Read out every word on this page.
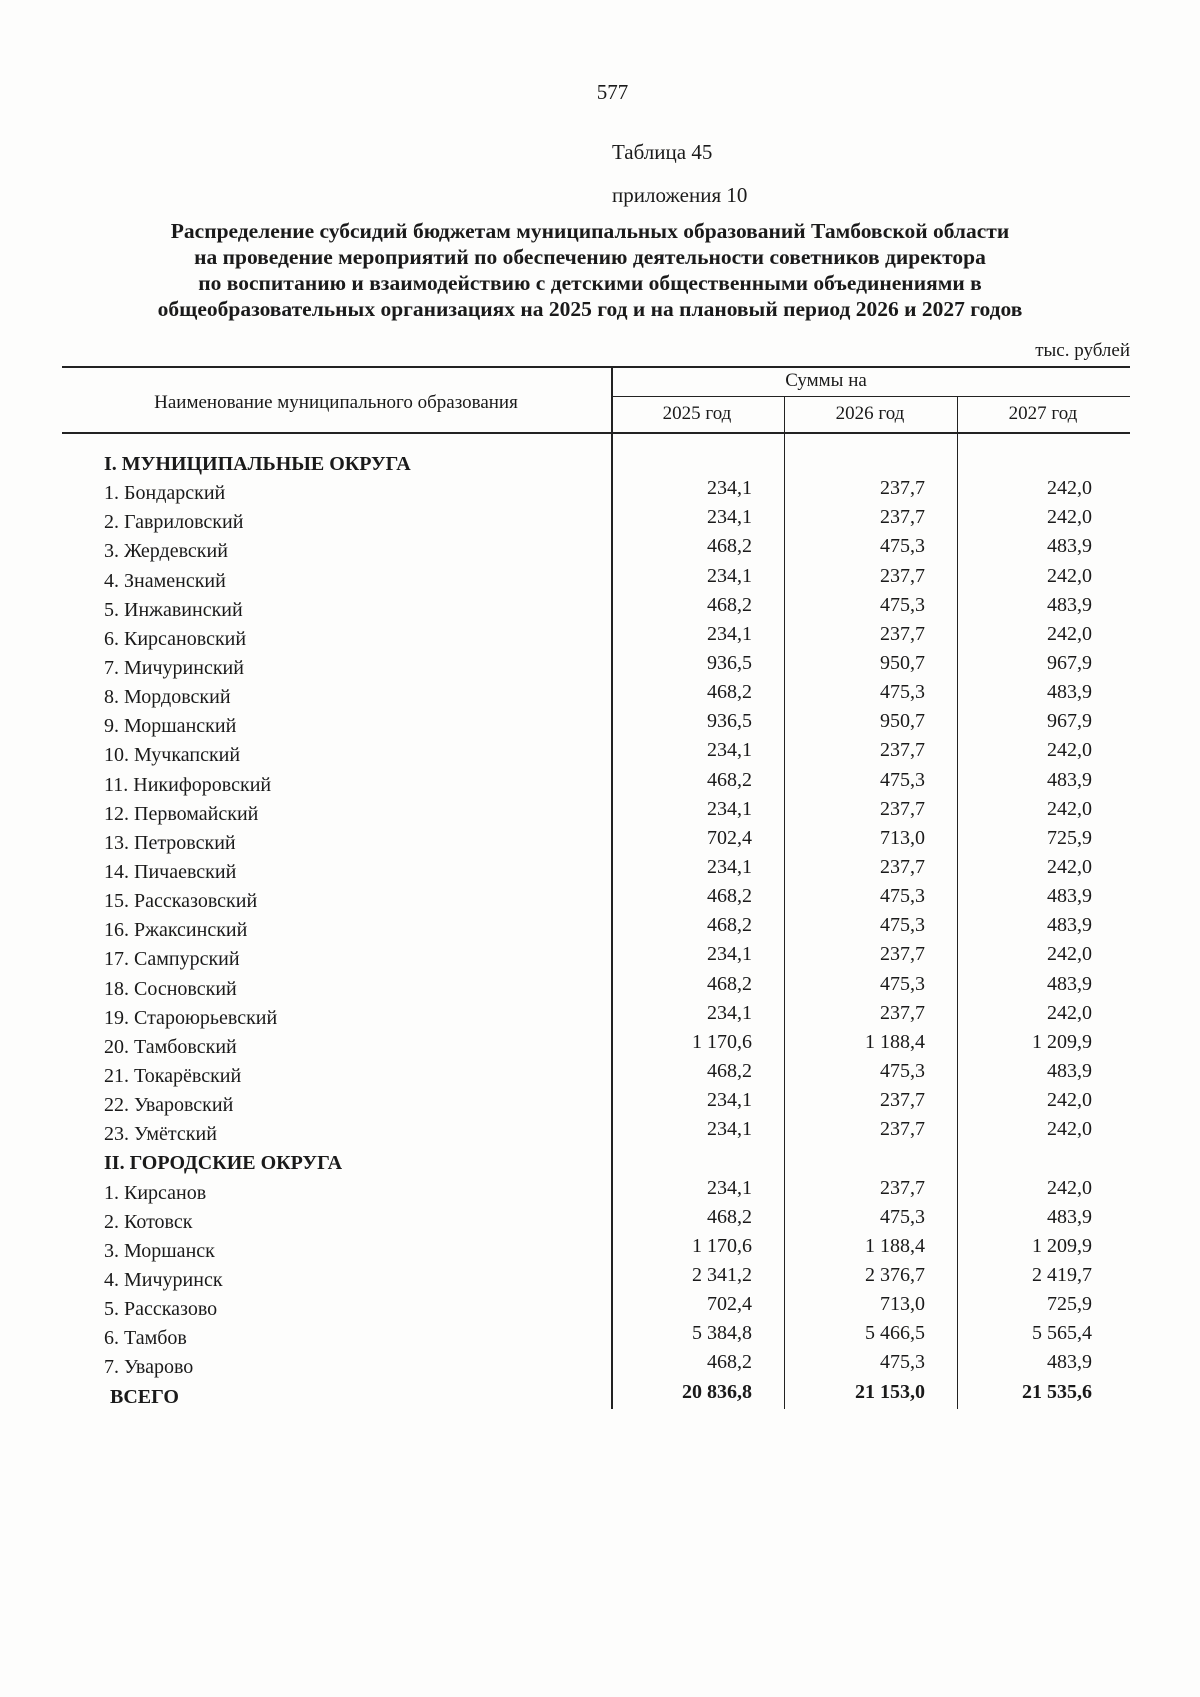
577
Таблица 45
приложения 10
Распределение субсидий бюджетам муниципальных образований Тамбовской области
на проведение мероприятий по обеспечению деятельности советников директора
по воспитанию и взаимодействию с детскими общественными объединениями в
общеобразовательных организациях на 2025 год и на плановый период 2026 и 2027 годов
тыс. рублей
Наименование муниципального образования
Суммы на
2025 год	2026 год	2027 год
I. МУНИЦИПАЛЬНЫЕ ОКРУГА
1. Бондарский	234,1	237,7	242,0
2. Гавриловский	234,1	237,7	242,0
3. Жердевский	468,2	475,3	483,9
4. Знаменский	234,1	237,7	242,0
5. Инжавинский	468,2	475,3	483,9
6. Кирсановский	234,1	237,7	242,0
7. Мичуринский	936,5	950,7	967,9
8. Мордовский	468,2	475,3	483,9
9. Моршанский	936,5	950,7	967,9
10. Мучкапский	234,1	237,7	242,0
11. Никифоровский	468,2	475,3	483,9
12. Первомайский	234,1	237,7	242,0
13. Петровский	702,4	713,0	725,9
14. Пичаевский	234,1	237,7	242,0
15. Рассказовский	468,2	475,3	483,9
16. Ржаксинский	468,2	475,3	483,9
17. Сампурский	234,1	237,7	242,0
18. Сосновский	468,2	475,3	483,9
19. Староюрьевский	234,1	237,7	242,0
20. Тамбовский	1 170,6	1 188,4	1 209,9
21. Токарёвский	468,2	475,3	483,9
22. Уваровский	234,1	237,7	242,0
23. Умётский	234,1	237,7	242,0
II. ГОРОДСКИЕ ОКРУГА
1. Кирсанов	234,1	237,7	242,0
2. Котовск	468,2	475,3	483,9
3. Моршанск	1 170,6	1 188,4	1 209,9
4. Мичуринск	2 341,2	2 376,7	2 419,7
5. Рассказово	702,4	713,0	725,9
6. Тамбов	5 384,8	5 466,5	5 565,4
7. Уварово	468,2	475,3	483,9
ВСЕГО	20 836,8	21 153,0	21 535,6
